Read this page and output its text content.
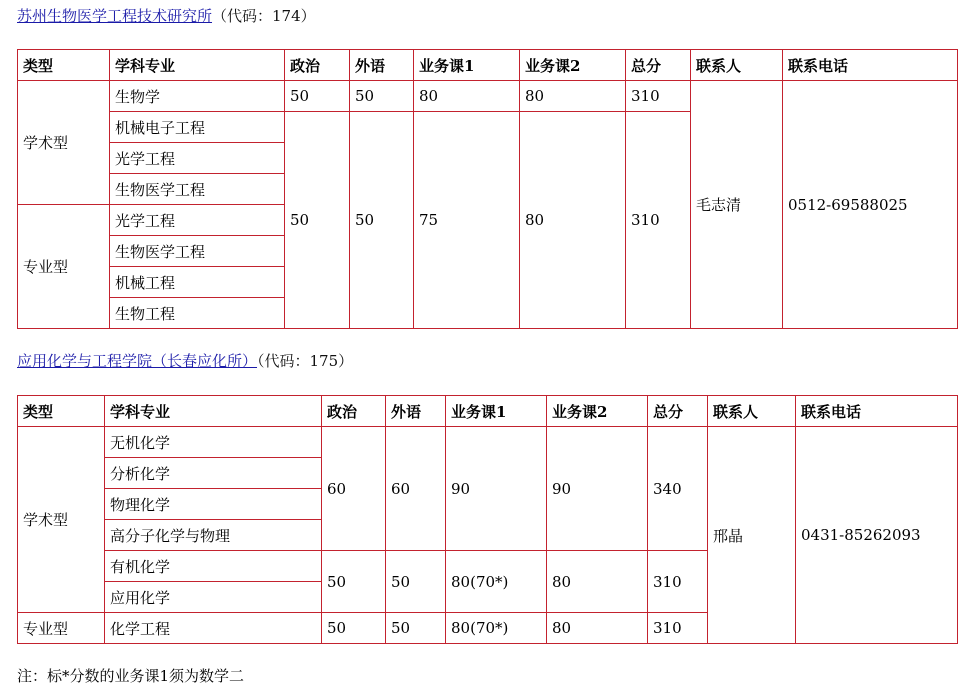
苏州生物医学工程技术研究所（代码：174）
类型	学科专业	政治	外语	业务课1	业务课2	总分	联系人	联系电话
学术型	生物学	50	50	80	80	310	毛志清	0512-69588025
	机械电子工程	50	50	75	80	310		
	光学工程							
	生物医学工程							
专业型	光学工程							
	生物医学工程							
	机械工程							
	生物工程							
应用化学与工程学院（长春应化所）（代码：175）
类型	学科专业	政治	外语	业务课1	业务课2	总分	联系人	联系电话
学术型	无机化学	60	60	90	90	340	邢晶	0431-85262093
	分析化学							
	物理化学							
	高分子化学与物理							
	有机化学	50	50	80(70*)	80	310		
	应用化学							
专业型	化学工程	50	50	80(70*)	80	310		
注：标*分数的业务课1须为数学二
